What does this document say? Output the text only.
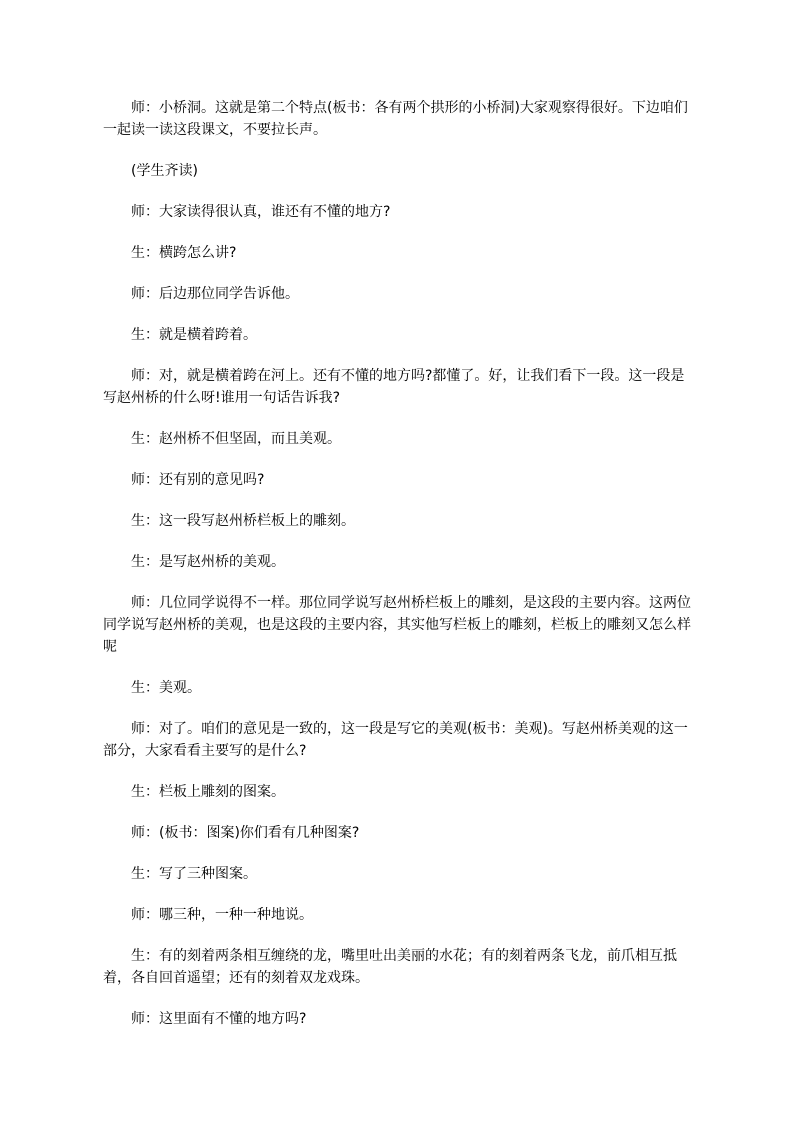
师：小桥洞。这就是第二个特点(板书：各有两个拱形的小桥洞)大家观察得很好。下边咱们一起读一读这段课文，不要拉长声。

(学生齐读)

师：大家读得很认真，谁还有不懂的地方?

生：横跨怎么讲?

师：后边那位同学告诉他。

生：就是横着跨着。

师：对，就是横着跨在河上。还有不懂的地方吗?都懂了。好，让我们看下一段。这一段是写赵州桥的什么呀!谁用一句话告诉我?

生：赵州桥不但坚固，而且美观。

师：还有别的意见吗?

生：这一段写赵州桥栏板上的雕刻。

生：是写赵州桥的美观。

师：几位同学说得不一样。那位同学说写赵州桥栏板上的雕刻，是这段的主要内容。这两位同学说写赵州桥的美观，也是这段的主要内容，其实他写栏板上的雕刻，栏板上的雕刻又怎么样呢

生：美观。

师：对了。咱们的意见是一致的，这一段是写它的美观(板书：美观)。写赵州桥美观的这一部分，大家看看主要写的是什么?

生：栏板上雕刻的图案。

师：(板书：图案)你们看有几种图案?

生：写了三种图案。

师：哪三种，一种一种地说。

生：有的刻着两条相互缠绕的龙，嘴里吐出美丽的水花；有的刻着两条飞龙，前爪相互抵着，各自回首遥望；还有的刻着双龙戏珠。

师：这里面有不懂的地方吗?
